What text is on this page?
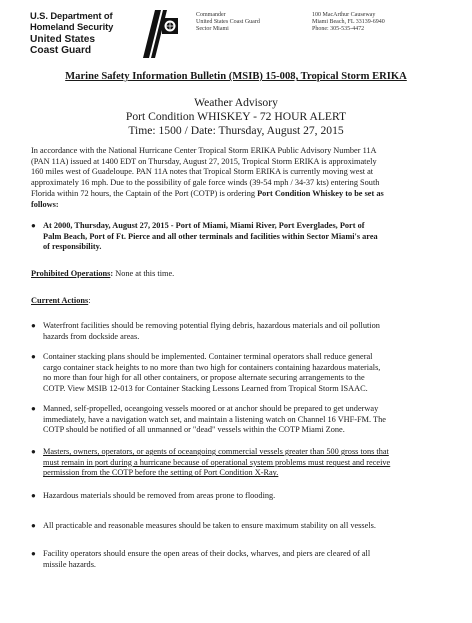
U.S. Department of
Homeland Security
United States
Coast Guard
Commander
United States Coast Guard
Sector Miami
100 MacArthur Causeway
Miami Beach, FL 33139-6940
Phone: 305-535-4472
Marine Safety Information Bulletin (MSIB) 15-008, Tropical Storm ERIKA
Weather Advisory
Port Condition WHISKEY - 72 HOUR ALERT
Time: 1500 / Date: Thursday, August 27, 2015
In accordance with the National Hurricane Center Tropical Storm ERIKA Public Advisory Number 11A
(PAN 11A) issued at 1400 EDT on Thursday, August 27, 2015, Tropical Storm ERIKA is approximately
160 miles west of Guadeloupe. PAN 11A notes that Tropical Storm ERIKA is currently moving west at
approximately 16 mph. Due to the possibility of gale force winds (39-54 mph / 34-37 kts) entering South
Florida within 72 hours, the Captain of the Port (COTP) is ordering Port Condition Whiskey to be set as
follows:
● At 2000, Thursday, August 27, 2015 - Port of Miami, Miami River, Port Everglades, Port of
Palm Beach, Port of Ft. Pierce and all other terminals and facilities within Sector Miami's area
of responsibility.
Prohibited Operations: None at this time.
Current Actions:
● Waterfront facilities should be removing potential flying debris, hazardous materials and oil pollution
hazards from dockside areas.
● Container stacking plans should be implemented. Container terminal operators shall reduce general
cargo container stack heights to no more than two high for containers containing hazardous materials,
no more than four high for all other containers, or propose alternate securing arrangements to the
COTP. View MSIB 12-013 for Container Stacking Lessons Learned from Tropical Storm ISAAC.
● Manned, self-propelled, oceangoing vessels moored or at anchor should be prepared to get underway
immediately, have a navigation watch set, and maintain a listening watch on Channel 16 VHF-FM. The
COTP should be notified of all unmanned or "dead" vessels within the COTP Miami Zone.
● Masters, owners, operators, or agents of oceangoing commercial vessels greater than 500 gross tons that
must remain in port during a hurricane because of operational system problems must request and receive
permission from the COTP before the setting of Port Condition X-Ray.
● Hazardous materials should be removed from areas prone to flooding.
● All practicable and reasonable measures should be taken to ensure maximum stability on all vessels.
● Facility operators should ensure the open areas of their docks, wharves, and piers are cleared of all
missile hazards.
